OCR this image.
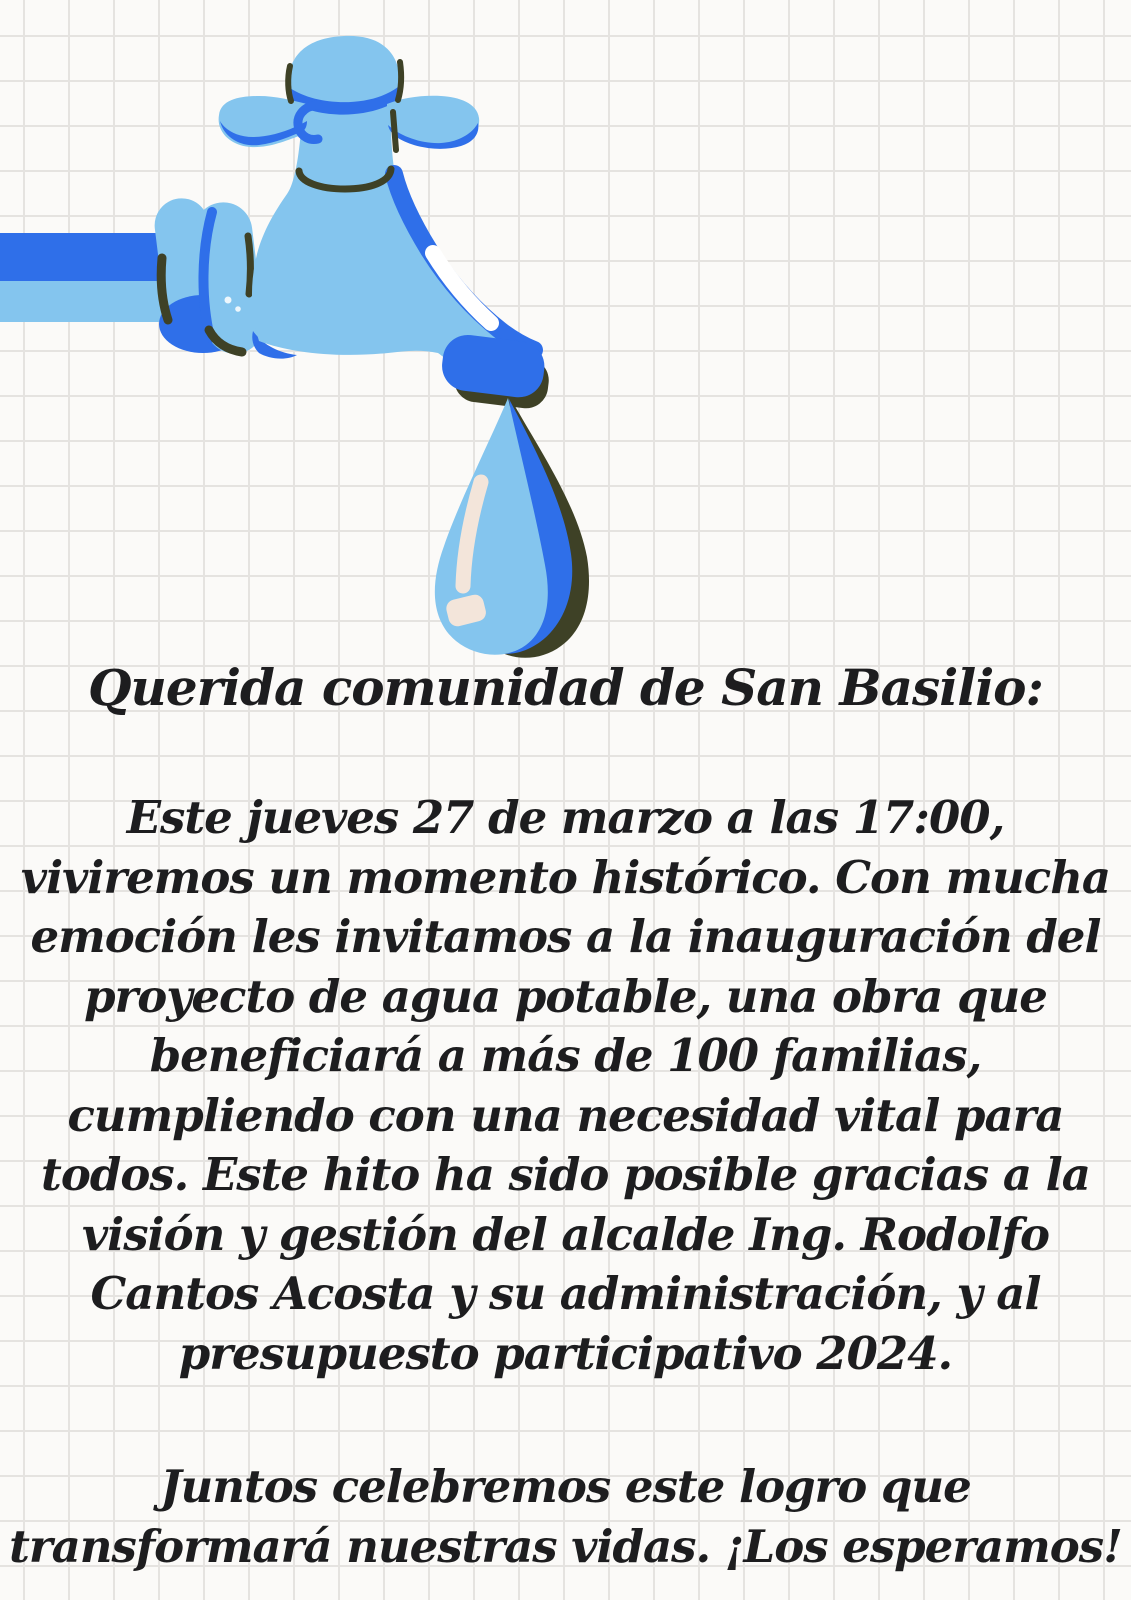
Querida comunidad de San Basilio:
Este jueves 27 de marzo a las 17:00,
viviremos un momento histórico. Con mucha
emoción les invitamos a la inauguración del
proyecto de agua potable, una obra que
beneficiará a más de 100 familias,
cumpliendo con una necesidad vital para
todos. Este hito ha sido posible gracias a la
visión y gestión del alcalde Ing. Rodolfo
Cantos Acosta y su administración, y al
presupuesto participativo 2024.
Juntos celebremos este logro que
transformará nuestras vidas. ¡Los esperamos!
